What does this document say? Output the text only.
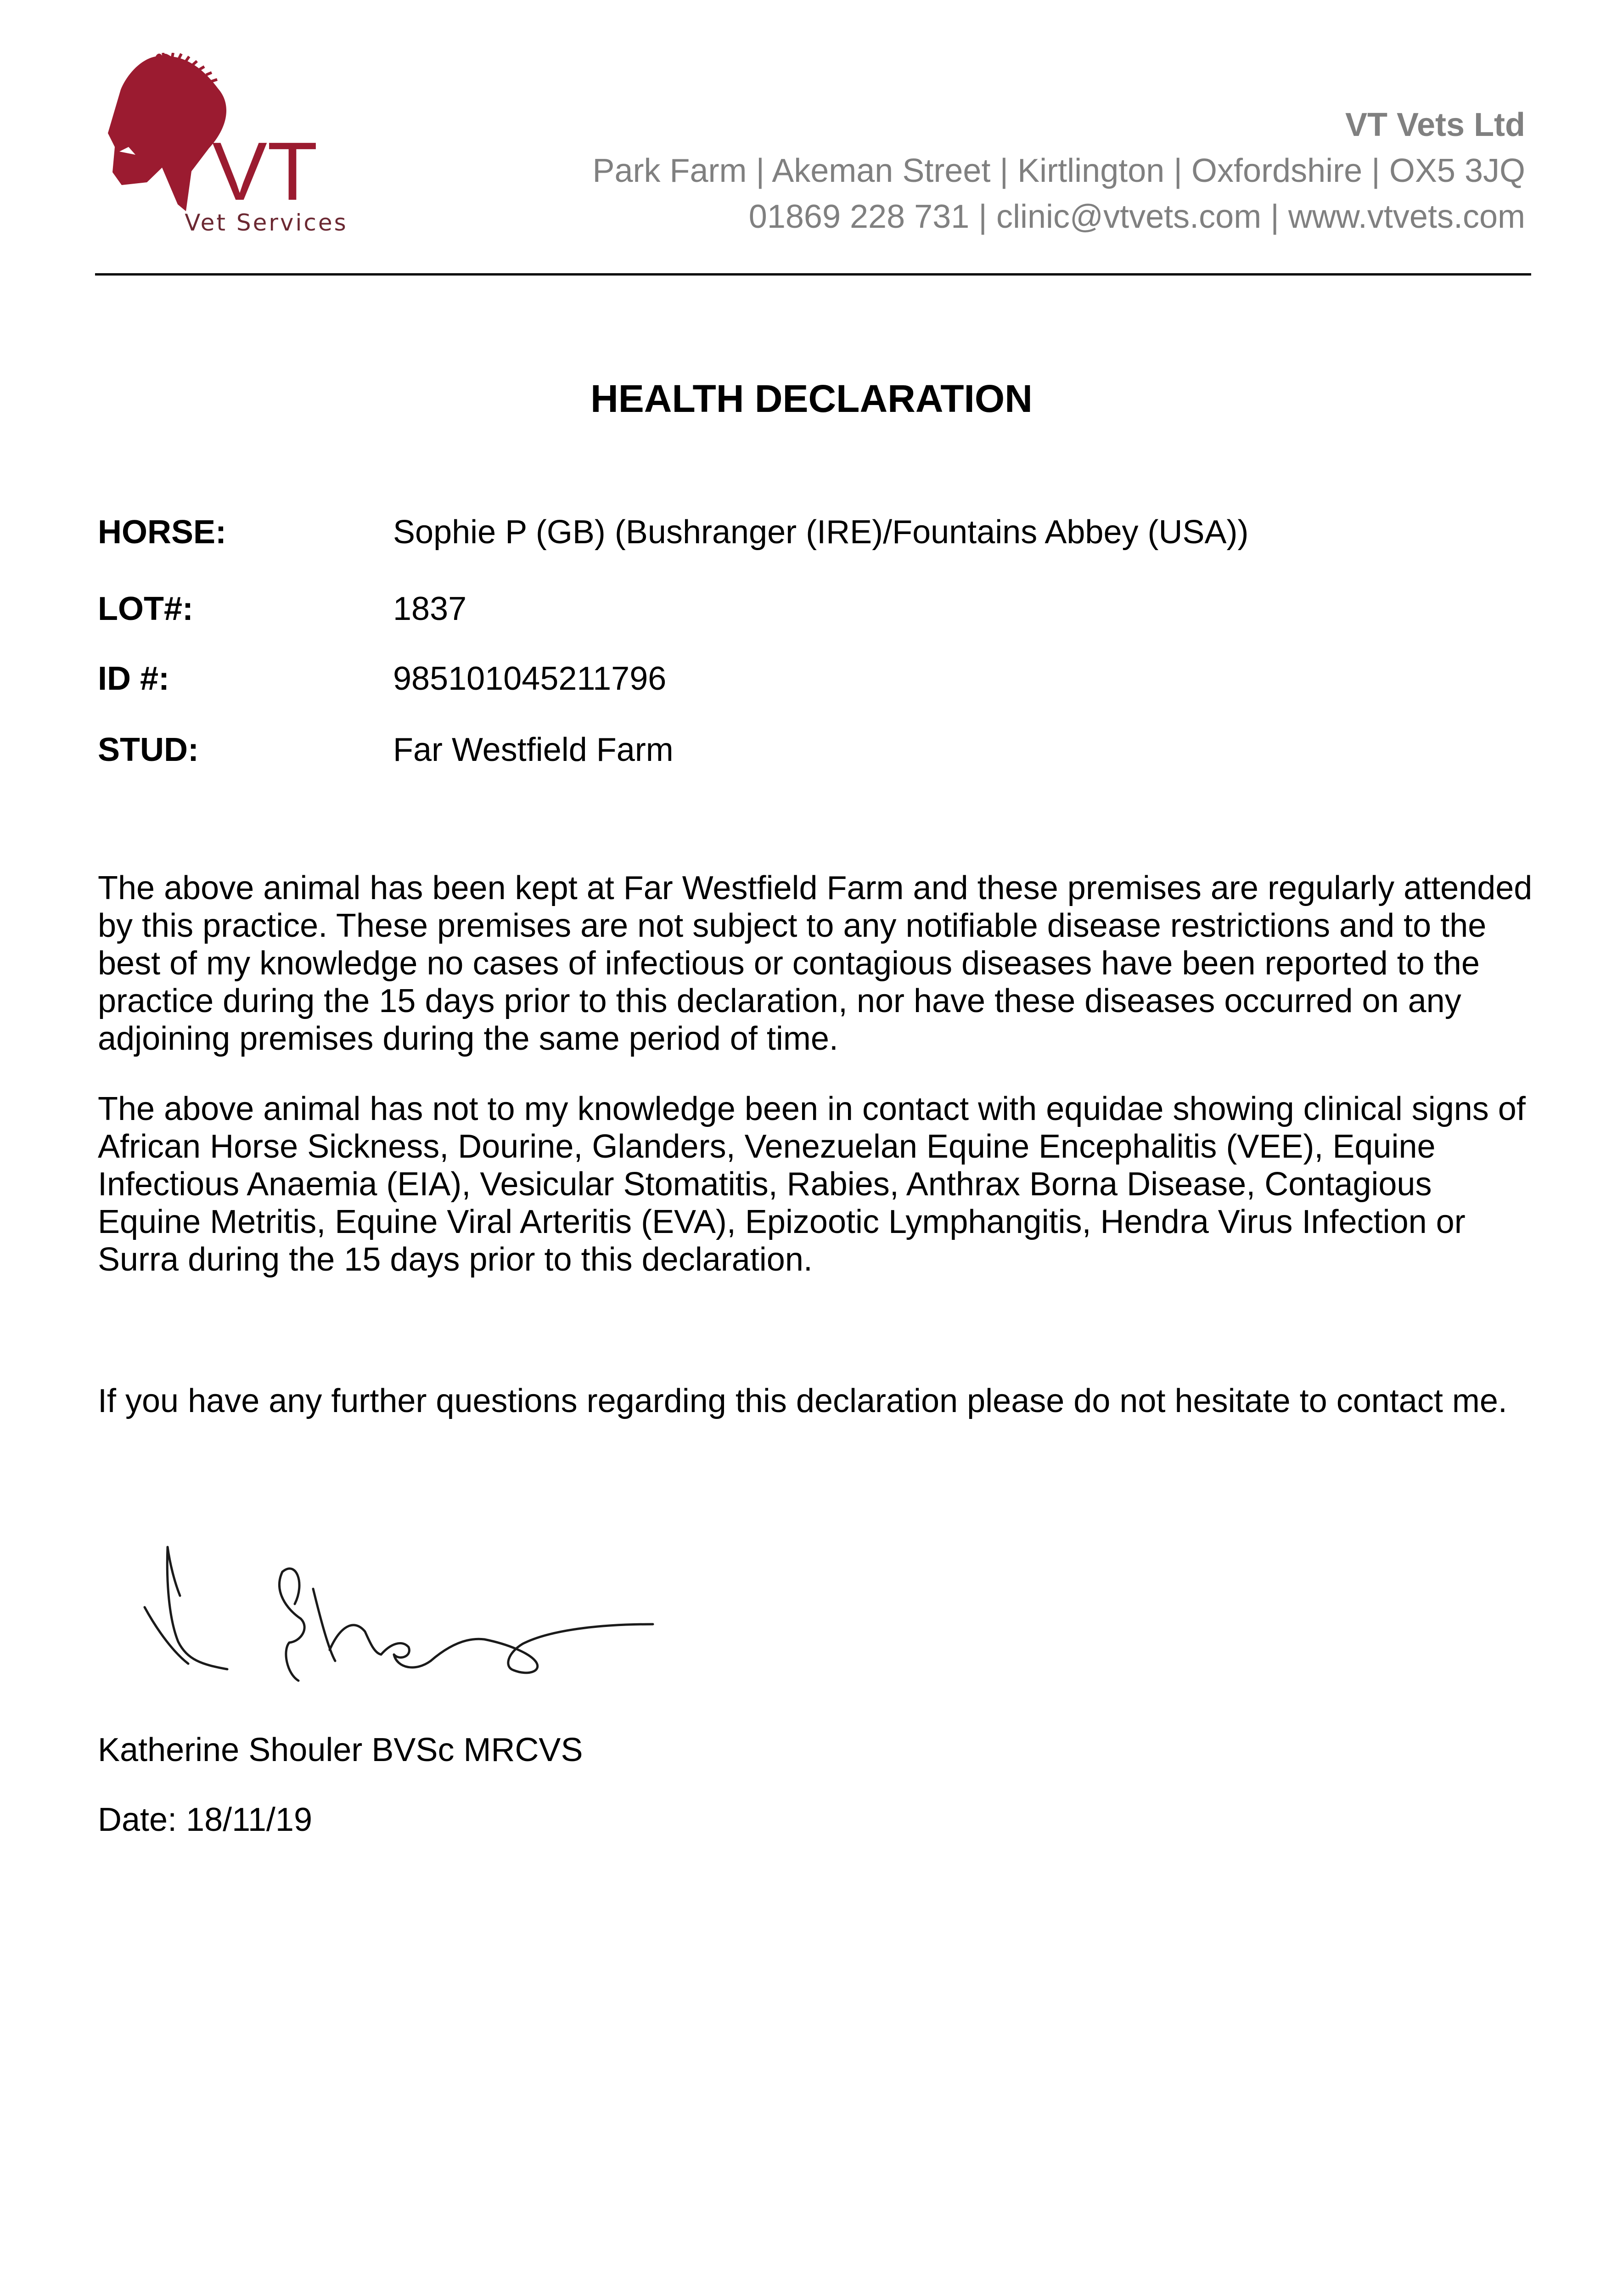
VT
Vet Services
VT Vets Ltd
Park Farm | Akeman Street | Kirtlington | Oxfordshire | OX5 3JQ
01869 228 731 | clinic@vtvets.com | www.vtvets.com
HEALTH DECLARATION
HORSE:	Sophie P (GB) (Bushranger (IRE)/Fountains Abbey (USA))
LOT#:	1837
ID #:	985101045211796
STUD:	Far Westfield Farm

The above animal has been kept at Far Westfield Farm and these premises are regularly attended by this practice. These premises are not subject to any notifiable disease restrictions and to the best of my knowledge no cases of infectious or contagious diseases have been reported to the practice during the 15 days prior to this declaration, nor have these diseases occurred on any adjoining premises during the same period of time.

The above animal has not to my knowledge been in contact with equidae showing clinical signs of African Horse Sickness, Dourine, Glanders, Venezuelan Equine Encephalitis (VEE), Equine Infectious Anaemia (EIA), Vesicular Stomatitis, Rabies, Anthrax Borna Disease, Contagious Equine Metritis, Equine Viral Arteritis (EVA), Epizootic Lymphangitis, Hendra Virus Infection or Surra during the 15 days prior to this declaration.

If you have any further questions regarding this declaration please do not hesitate to contact me.

Katherine Shouler BVSc MRCVS
Date: 18/11/19
